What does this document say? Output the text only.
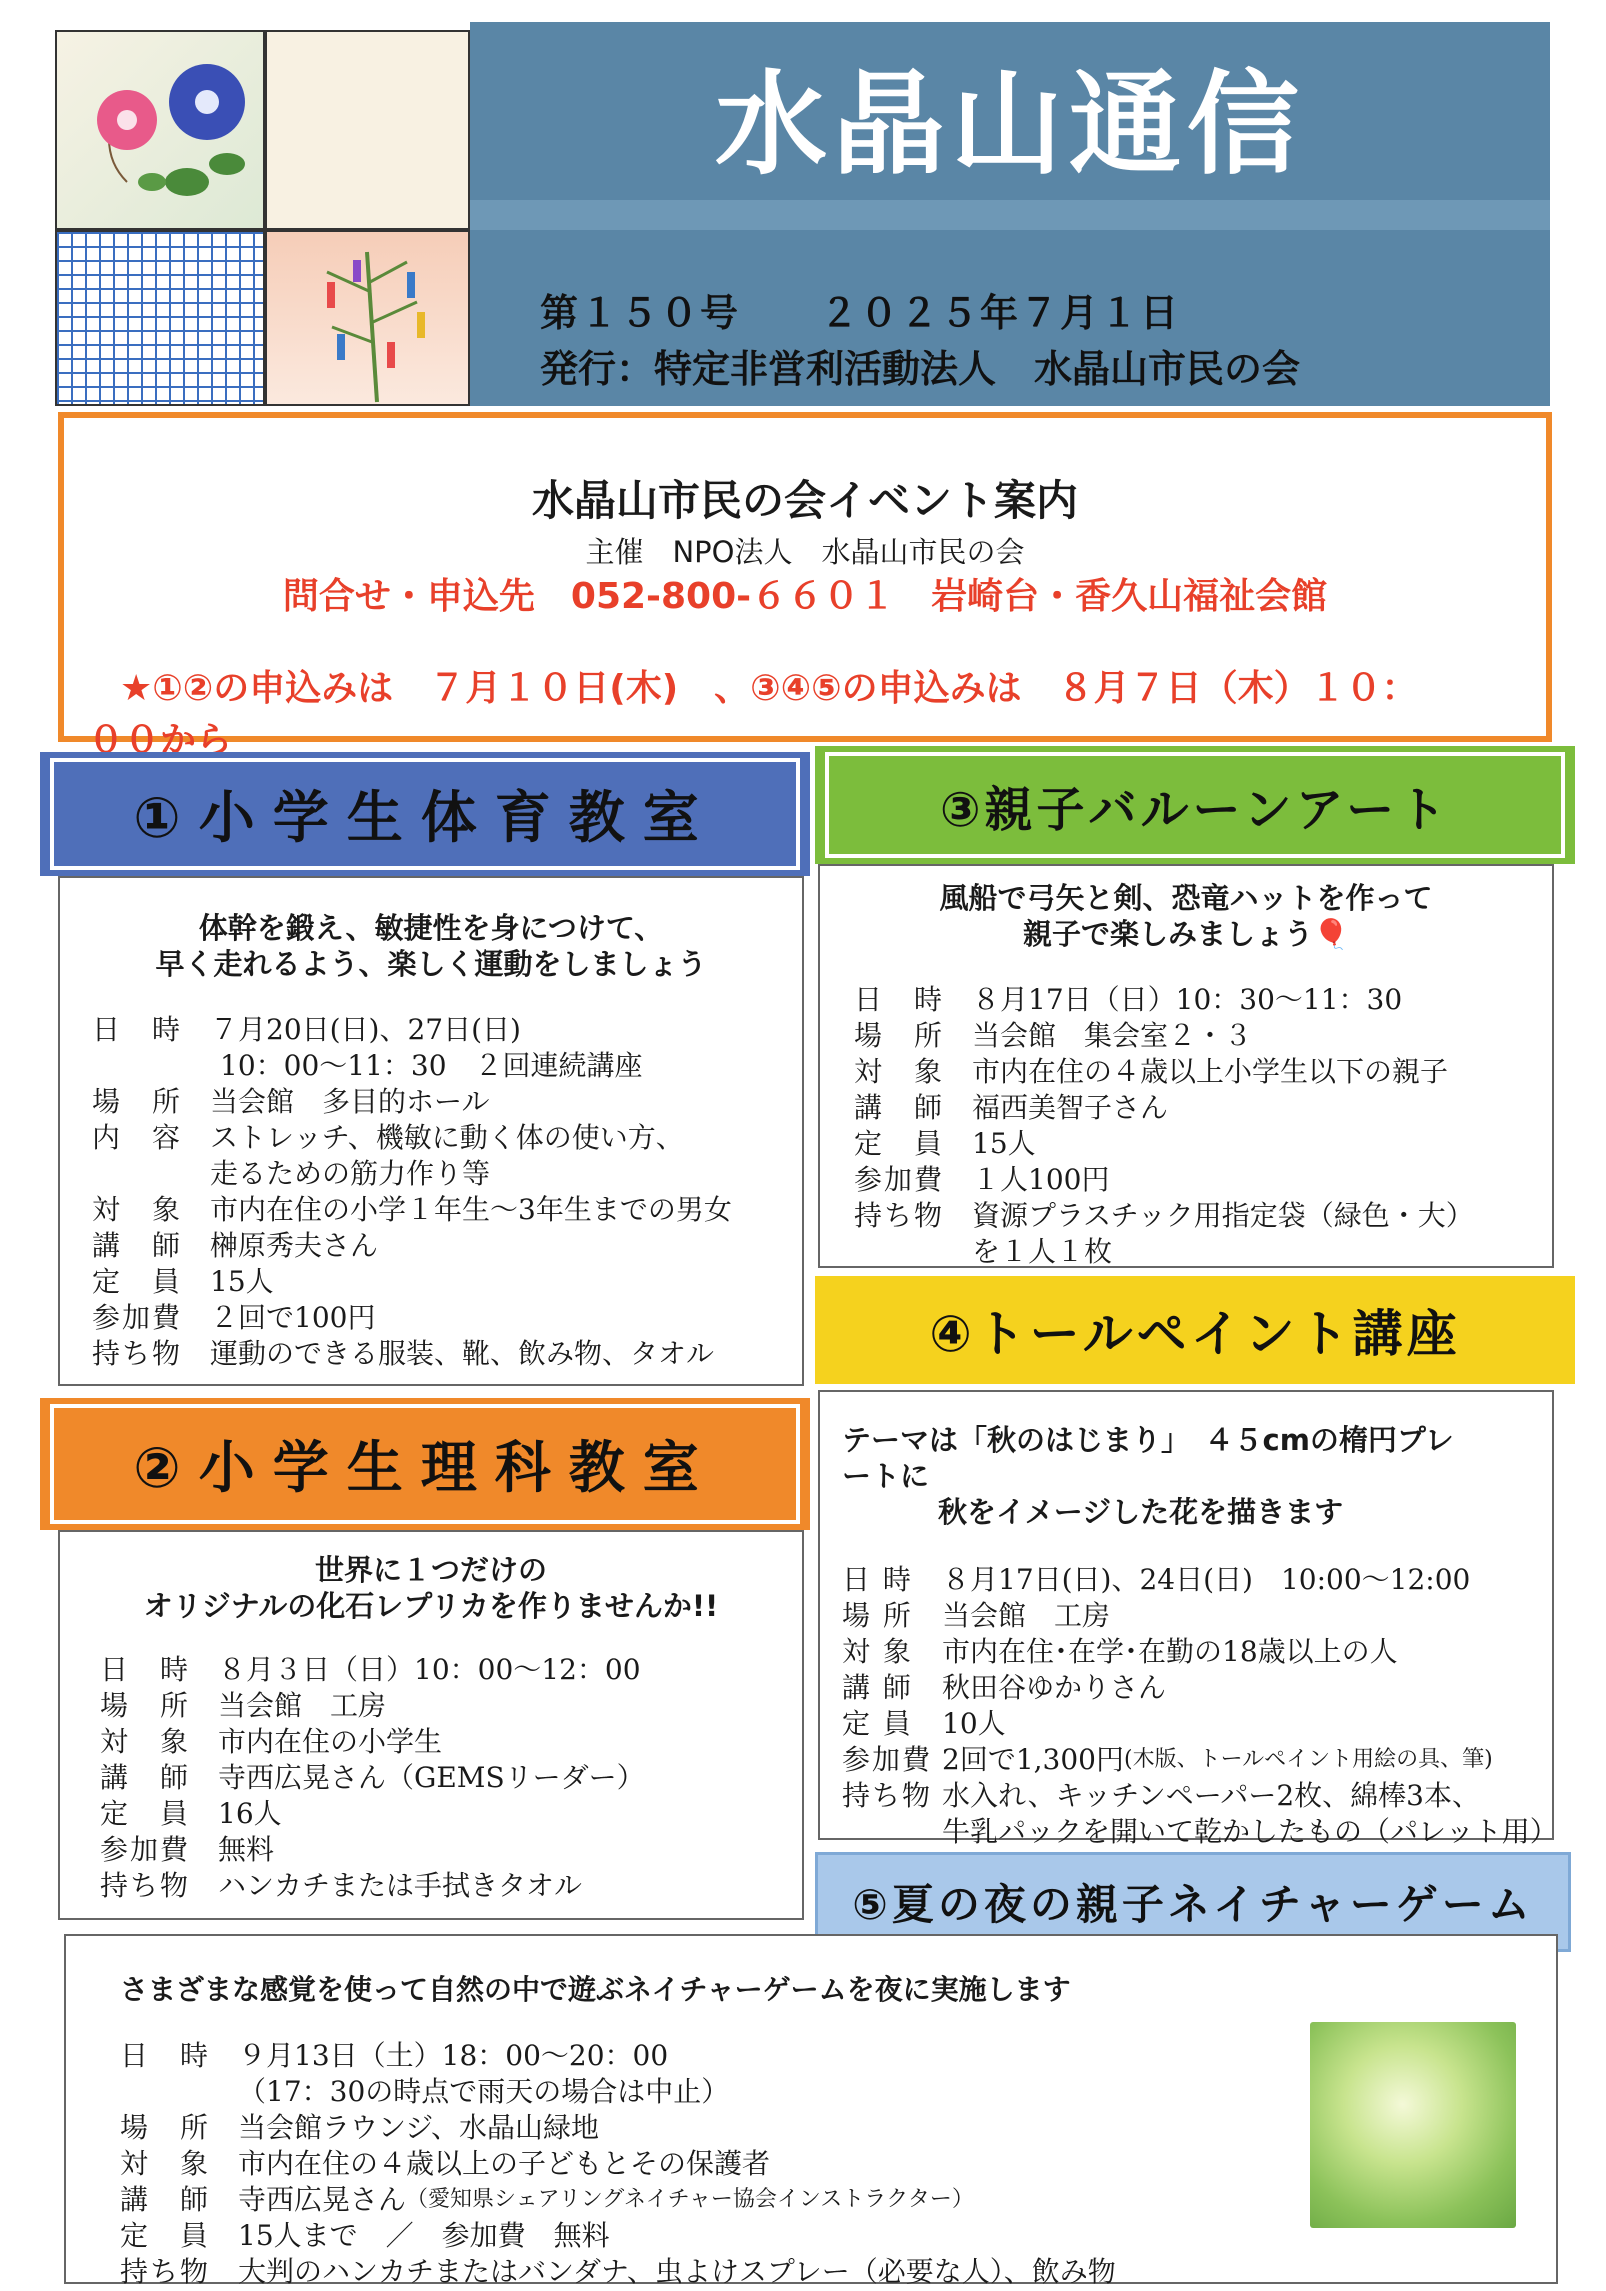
水晶山通信
第１５０号　　２０２５年７月１日
発行：特定非営利活動法人　水晶山市民の会
水晶山市民の会イベント案内
主催　NPO法人　水晶山市民の会
問合せ・申込先　052-800-６６０１　岩崎台・香久山福祉会館
★①②の申込みは　７月１０日(木)　、③④⑤の申込みは　８月７日（木）１０：
①小学生体育教室
②小学生理科教室
③親子バルーンアート
④トールペイント講座
⑤夏の夜の親子ネイチャーゲーム
体幹を鍛え、敏捷性を身につけて、
早く走れるよう、楽しく運動をしましょう
日　時 ７月20日(日)、27日(日)
10：00～11：30　２回連続講座
場　所 当会館　多目的ホール
内　容 ストレッチ、機敏に動く体の使い方、
走るための筋力作り等
対　象 市内在住の小学１年生～3年生までの男女
講　師 榊原秀夫さん
定　員 15人
参加費 ２回で100円
持ち物 運動のできる服装、靴、飲み物、タオル
世界に１つだけの
オリジナルの化石レプリカを作りませんか!!
日　時 ８月３日（日）10：00～12：00
場　所 当会館　工房
対　象 市内在住の小学生
講　師 寺西広晃さん（GEMSリーダー）
定　員 16人
参加費 無料
持ち物 ハンカチまたは手拭きタオル
風船で弓矢と剣、恐竜ハットを作って
親子で楽しみましょう🎈
日　時 ８月17日（日）10：30～11：30
場　所 当会館　集会室２・３
対　象 市内在住の４歳以上小学生以下の親子
講　師 福西美智子さん
定　員 15人
参加費 １人100円
持ち物 資源プラスチック用指定袋（緑色・大）
を１人１枚
テーマは「秋のはじまり」　４５cmの楕円プレ
ートに
秋をイメージした花を描きます
日 時	８月17日(日)、24日(日)　10:00～12:00
場 所	当会館　工房
対 象	市内在住･在学･在勤の18歳以上の人
講 師	秋田谷ゆかりさん
定 員	10人
参加費 2回で1,300円 (木版、トールペイント用絵の具、筆)
持ち物 水入れ、キッチンペーパー2枚、綿棒3本、
牛乳パックを開いて乾かしたもの（パレット用）
さまざまな感覚を使って自然の中で遊ぶネイチャーゲームを夜に実施します
日　時 ９月13日（土）18：00～20：00
（17：30の時点で雨天の場合は中止）
場　所 当会館ラウンジ、水晶山緑地
対　象 市内在住の４歳以上の子どもとその保護者
講　師 寺西広晃さん （愛知県シェアリングネイチャー協会インストラクター）
定　員 15人まで　／　参加費　無料
持ち物 大判のハンカチまたはバンダナ、虫よけスプレー（必要な人）、飲み物
